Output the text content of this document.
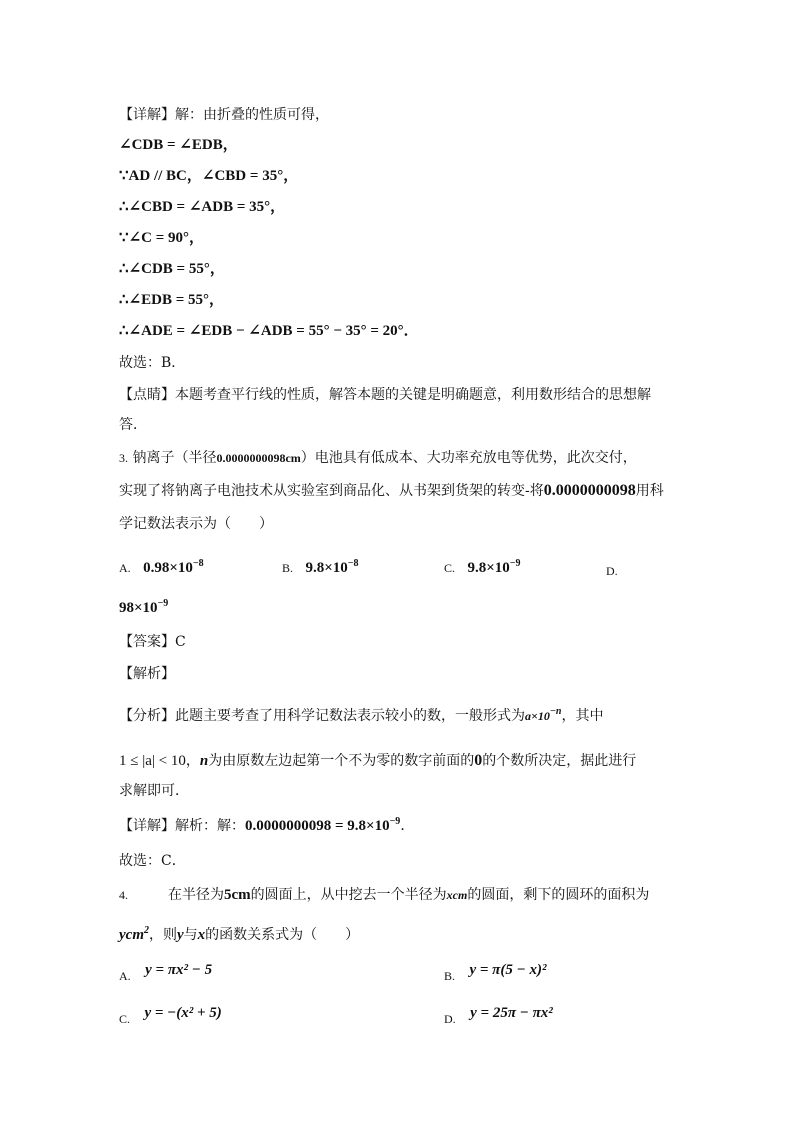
【详解】解：由折叠的性质可得，
∠CDB = ∠EDB，
∵AD // BC，∠CBD = 35°，
∴∠CBD = ∠ADB = 35°，
∵∠C = 90°，
∴∠CDB = 55°，
∴∠EDB = 55°，
∴∠ADE = ∠EDB − ∠ADB = 55° − 35° = 20°．
故选：B．
【点睛】本题考查平行线的性质，解答本题的关键是明确题意，利用数形结合的思想解
答．
3. 钠离子（半径0.0000000098cm）电池具有低成本、大功率充放电等优势，此次交付，
实现了将钠离子电池技术从实验室到商品化、从书架到货架的转变-将0.0000000098用科
学记数法表示为（　　）
A. $0.98\times 10^{-8}$	B. $9.8\times 10^{-8}$	C. $9.8\times 10^{-9}$
D.
$98\times 10^{-9}$
【答案】C
【解析】
【分析】此题主要考查了用科学记数法表示较小的数，一般形式为$a\times 10^{-n}$，其中
1 ≤ |a| < 10，n为由原数左边起第一个不为零的数字前面的0的个数所决定，据此进行
求解即可．
【详解】解析：解：$0.0000000098 = 9.8\times 10^{-9}$．
故选：C．
4.	在半径为5cm的圆面上，从中挖去一个半径为xcm的圆面，剩下的圆环的面积为
ycm$^2$，则y与x的函数关系式为（　　）
A. y = πx² − 5	B. y = π(5 − x)²
C. y = −(x² + 5)	D. y = 25π − πx²
